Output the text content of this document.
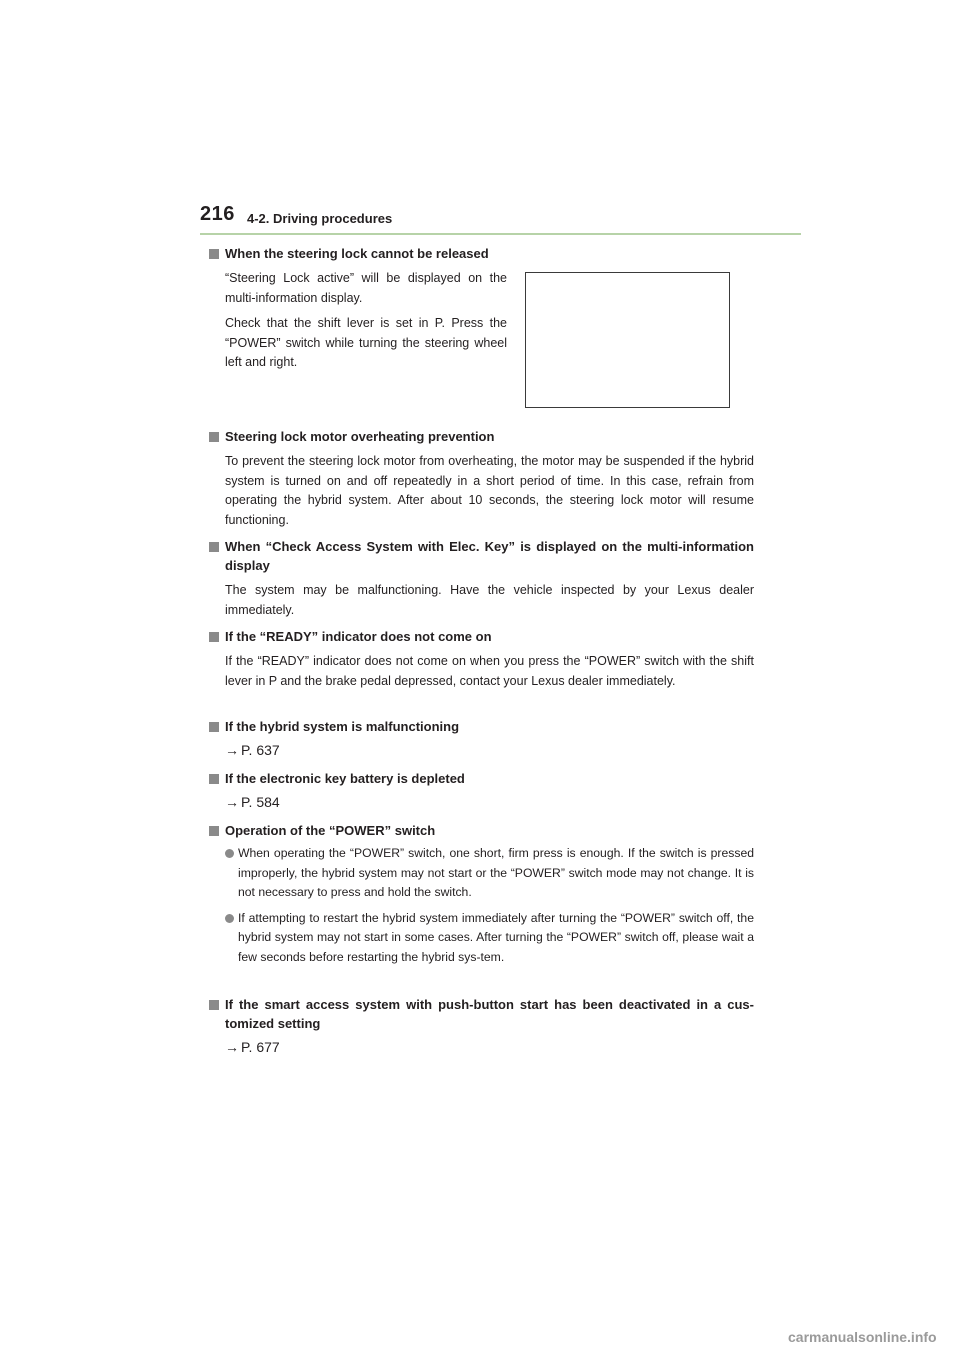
216 4-2. Driving procedures
When the steering lock cannot be released
“Steering Lock active” will be displayed on the multi-information display.
Check that the shift lever is set in P. Press the “POWER” switch while turning the steering wheel left and right.
Steering lock motor overheating prevention
To prevent the steering lock motor from overheating, the motor may be suspended if the hybrid system is turned on and off repeatedly in a short period of time. In this case, refrain from operating the hybrid system. After about 10 seconds, the steering lock motor will resume functioning.
When “Check Access System with Elec. Key” is displayed on the multi-information display
The system may be malfunctioning. Have the vehicle inspected by your Lexus dealer immediately.
If the “READY” indicator does not come on
If the “READY” indicator does not come on when you press the “POWER” switch with the shift lever in P and the brake pedal depressed, contact your Lexus dealer immediately.
If the hybrid system is malfunctioning
→ P. 637
If the electronic key battery is depleted
→ P. 584
Operation of the “POWER” switch
When operating the “POWER” switch, one short, firm press is enough. If the switch is pressed improperly, the hybrid system may not start or the “POWER” switch mode may not change. It is not necessary to press and hold the switch.
If attempting to restart the hybrid system immediately after turning the “POWER” switch off, the hybrid system may not start in some cases. After turning the “POWER” switch off, please wait a few seconds before restarting the hybrid sys-tem.
If the smart access system with push-button start has been deactivated in a cus-tomized setting
→ P. 677
carmanualsonline.info
